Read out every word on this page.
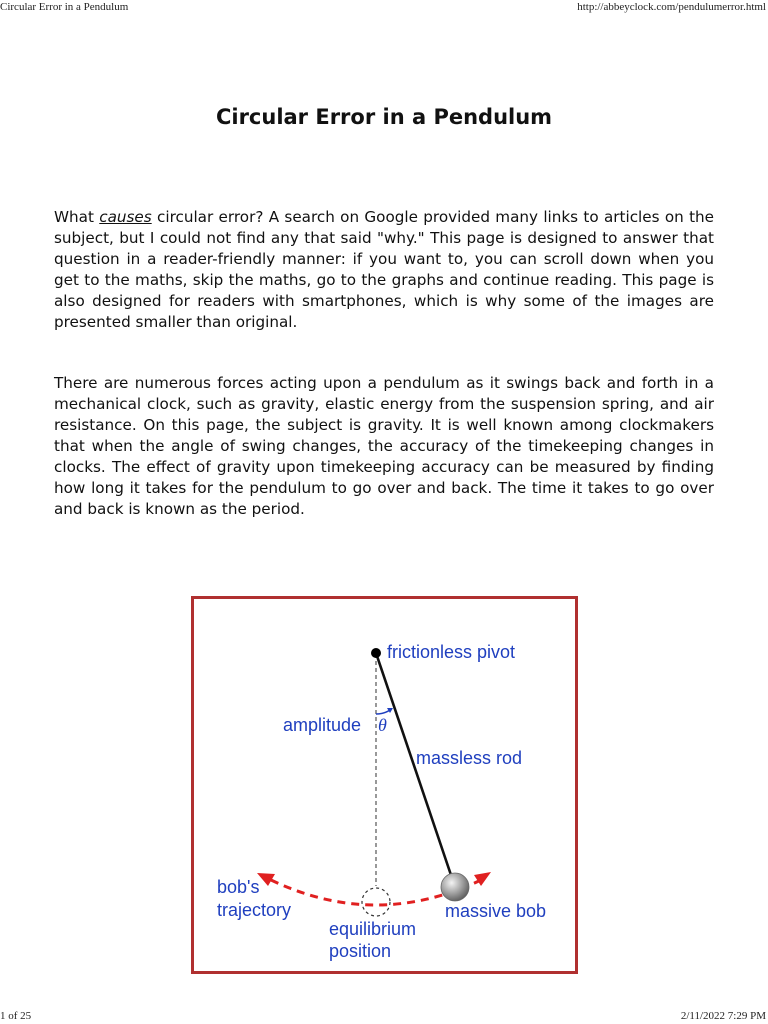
Circular Error in a Pendulum	http://abbeyclock.com/pendulumerror.html
Circular Error in a Pendulum

What causes circular error? A search on Google provided many links to articles on the subject, but I could not find any that said "why." This page is designed to answer that question in a reader-friendly manner: if you want to, you can scroll down when you get to the maths, skip the maths, go to the graphs and continue reading. This page is also designed for readers with smartphones, which is why some of the images are presented smaller than original.

There are numerous forces acting upon a pendulum as it swings back and forth in a mechanical clock, such as gravity, elastic energy from the suspension spring, and air resistance. On this page, the subject is gravity. It is well known among clockmakers that when the angle of swing changes, the accuracy of the timekeeping changes in clocks. The effect of gravity upon timekeeping accuracy can be measured by finding how long it takes for the pendulum to go over and back. The time it takes to go over and back is known as the period.

frictionless pivot
amplitude θ
massless rod
bob's
trajectory	massive bob
equilibrium
position
1 of 25	2/11/2022 7:29 PM
